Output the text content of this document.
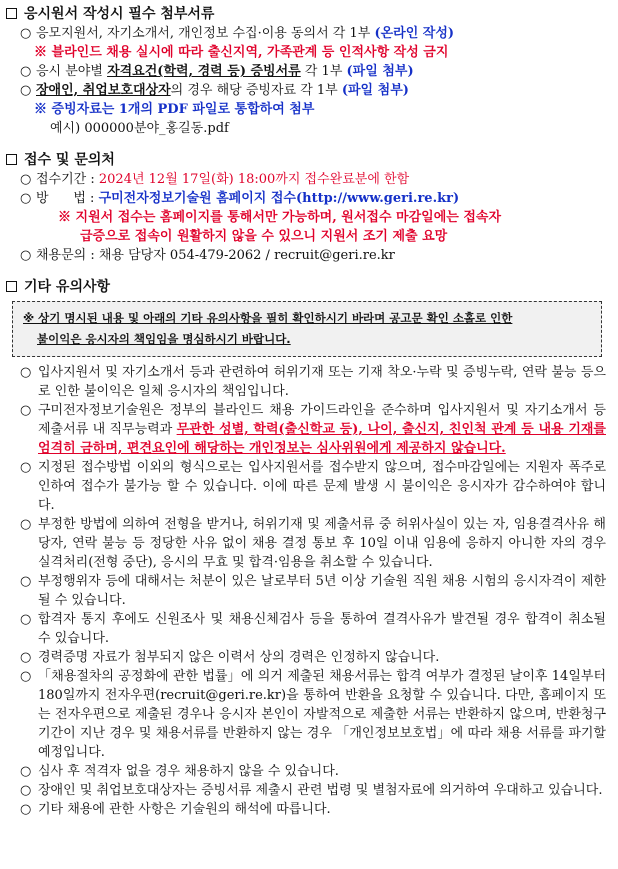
응시원서 작성시 필수 첨부서류
○ 응모지원서, 자기소개서, 개인정보 수집·이용 동의서 각 1부 (온라인 작성)
※ 블라인드 채용 실시에 따라 출신지역, 가족관계 등 인적사항 작성 금지
○ 응시 분야별 자격요건(학력, 경력 등) 증빙서류 각 1부 (파일 첨부)
○ 장애인, 취업보호대상자의 경우 해당 증빙자료 각 1부 (파일 첨부)
※ 증빙자료는 1개의 PDF 파일로 통합하여 첨부
예시) 000000분야_홍길동.pdf
접수 및 문의처
○ 접수기간 : 2024년 12월 17일(화) 18:00까지 접수완료분에 한함
○ 방      법 : 구미전자정보기술원 홈페이지 접수(http://www.geri.re.kr)
※ 지원서 접수는 홈페이지를 통해서만 가능하며, 원서접수 마감일에는 접속자
급증으로 접속이 원활하지 않을 수 있으니 지원서 조기 제출 요망
○ 채용문의 : 채용 담당자 054-479-2062 / recruit@geri.re.kr
기타 유의사항
※ 상기 명시된 내용 및 아래의 기타 유의사항을 필히 확인하시기 바라며 공고문 확인 소홀로 인한
불이익은 응시자의 책임임을 명심하시기 바랍니다.
○ 입사지원서 및 자기소개서 등과 관련하여 허위기재 또는 기재 착오·누락 및 증빙누락, 연락 불능 등으로 인한 불이익은 일체 응시자의 책임입니다.
○ 구미전자정보기술원은 정부의 블라인드 채용 가이드라인을 준수하며 입사지원서 및 자기소개서 등 제출서류 내 직무능력과 무관한 성별, 학력(출신학교 등), 나이, 출신지, 친인척 관계 등 내용 기재를 엄격히 금하며, 편견요인에 해당하는 개인정보는 심사위원에게 제공하지 않습니다.
○ 지정된 접수방법 이외의 형식으로는 입사지원서를 접수받지 않으며, 접수마감일에는 지원자 폭주로 인하여 접수가 불가능 할 수 있습니다. 이에 따른 문제 발생 시 불이익은 응시자가 감수하여야 합니다.
○ 부정한 방법에 의하여 전형을 받거나, 허위기재 및 제출서류 중 허위사실이 있는 자, 임용결격사유 해당자, 연락 불능 등 정당한 사유 없이 채용 결정 통보 후 10일 이내 임용에 응하지 아니한 자의 경우 실격처리(전형 중단), 응시의 무효 및 합격·임용을 취소할 수 있습니다.
○ 부정행위자 등에 대해서는 처분이 있은 날로부터 5년 이상 기술원 직원 채용 시험의 응시자격이 제한될 수 있습니다.
○ 합격자 통지 후에도 신원조사 및 채용신체검사 등을 통하여 결격사유가 발견될 경우 합격이 취소될 수 있습니다.
○ 경력증명 자료가 첨부되지 않은 이력서 상의 경력은 인정하지 않습니다.
○ 「채용절차의 공정화에 관한 법률」에 의거 제출된 채용서류는 합격 여부가 결정된 날이후 14일부터 180일까지 전자우편(recruit@geri.re.kr)을 통하여 반환을 요청할 수 있습니다. 다만, 홈페이지 또는 전자우편으로 제출된 경우나 응시자 본인이 자발적으로 제출한 서류는 반환하지 않으며, 반환청구기간이 지난 경우 및 채용서류를 반환하지 않는 경우 「개인정보보호법」에 따라 채용 서류를 파기할 예정입니다.
○ 심사 후 적격자 없을 경우 채용하지 않을 수 있습니다.
○ 장애인 및 취업보호대상자는 증빙서류 제출시 관련 법령 및 별첨자료에 의거하여 우대하고 있습니다.
○ 기타 채용에 관한 사항은 기술원의 해석에 따릅니다.
